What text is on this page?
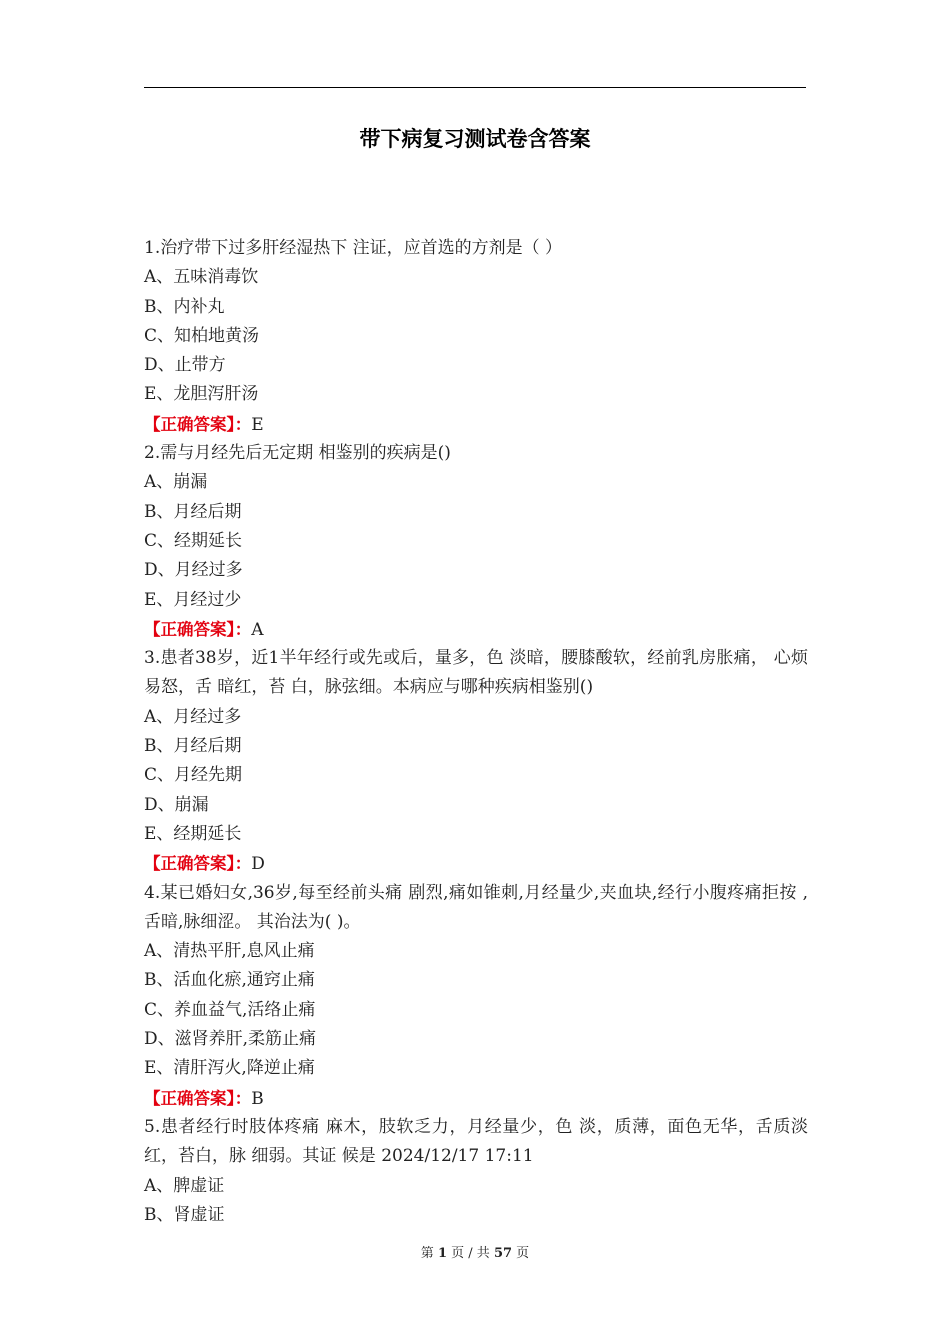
带下病复习测试卷含答案
1.治疗带下过多肝经湿热下 注证，应首选的方剂是（ ）
A、五味消毒饮
B、内补丸
C、知柏地黄汤
D、止带方
E、龙胆泻肝汤
【正确答案】：E
2.需与月经先后无定期 相鉴别的疾病是()
A、崩漏
B、月经后期
C、经期延长
D、月经过多
E、月经过少
【正确答案】：A
3.患者38岁，近1半年经行或先或后，量多，色 淡暗，腰膝酸软，经前乳房胀痛， 心烦易怒，舌 暗红，苔 白，脉弦细。本病应与哪种疾病相鉴别()
A、月经过多
B、月经后期
C、月经先期
D、崩漏
E、经期延长
【正确答案】：D
4.某已婚妇女,36岁,每至经前头痛 剧烈,痛如锥刺,月经量少,夹血块,经行小腹疼痛拒按 ,舌暗,脉细涩。 其治法为( )。
A、清热平肝,息风止痛
B、活血化瘀,通窍止痛
C、养血益气,活络止痛
D、滋肾养肝,柔筋止痛
E、清肝泻火,降逆止痛
【正确答案】：B
5.患者经行时肢体疼痛 麻木，肢软乏力，月经量少，色 淡，质薄，面色无华，舌质淡红，苔白，脉 细弱。其证 候是 2024/12/17 17:11
A、脾虚证
B、肾虚证
第 1 页 / 共 57 页
